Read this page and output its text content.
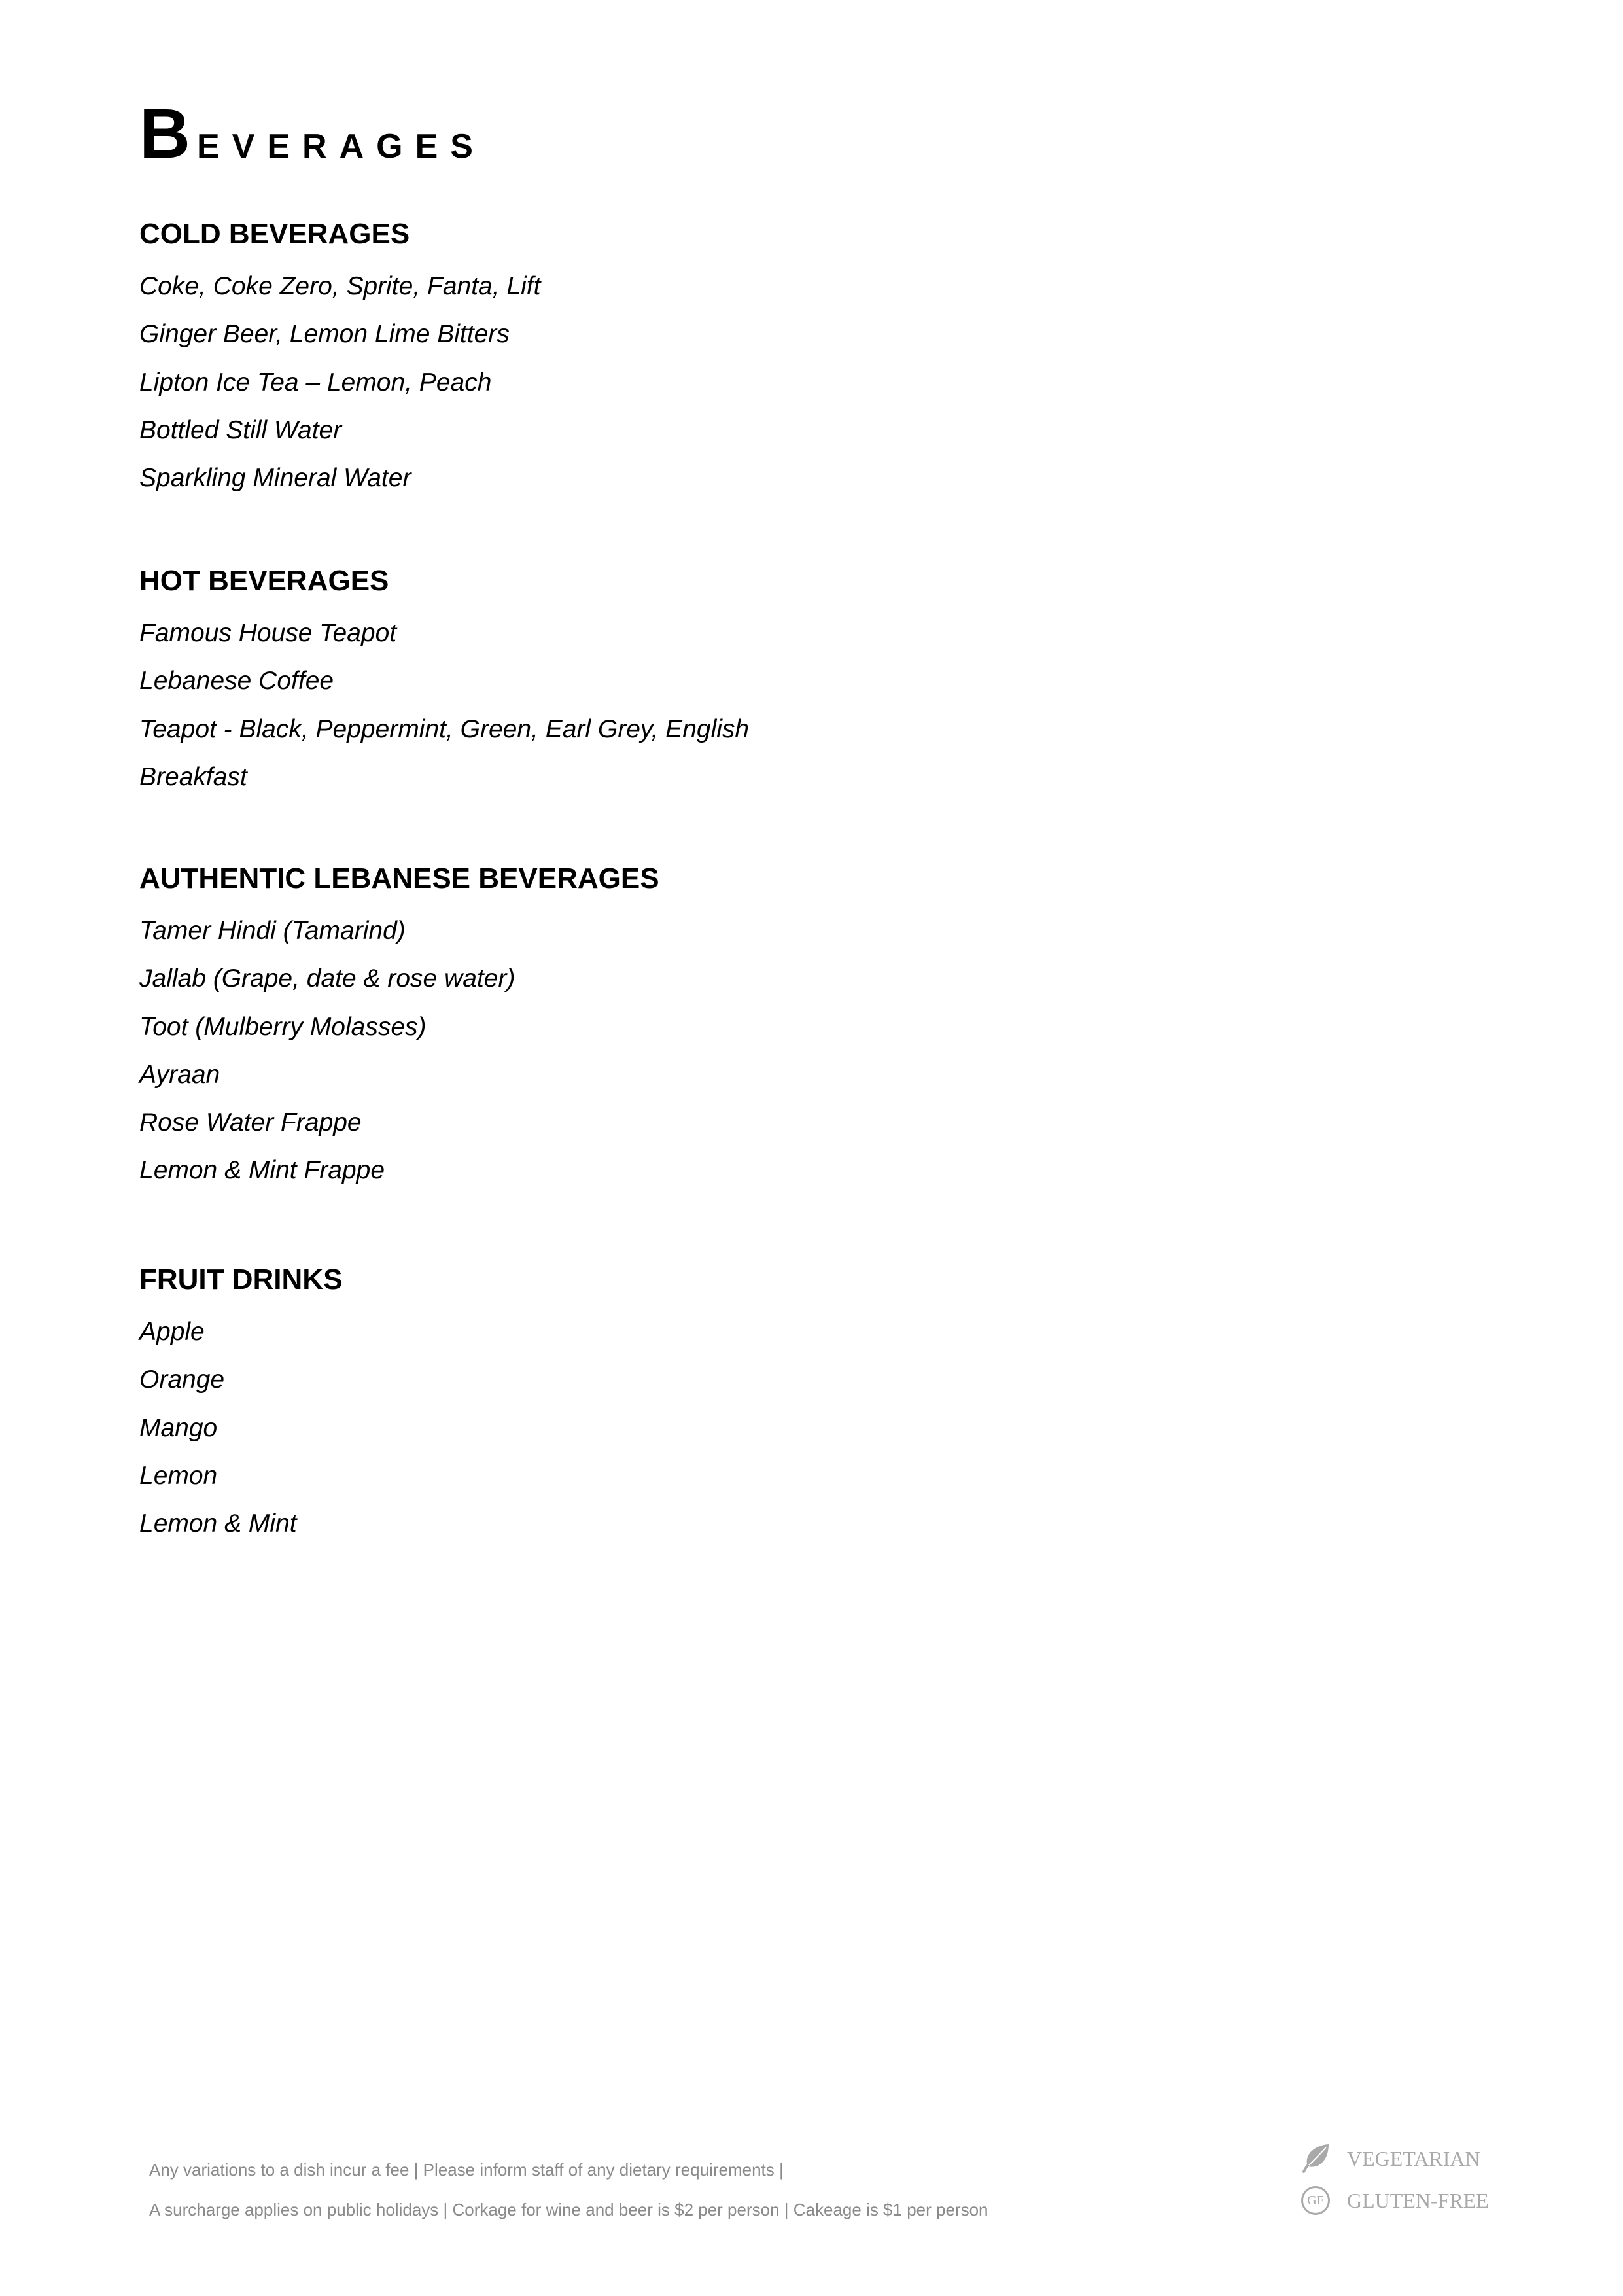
BEVERAGES
COLD BEVERAGES
Coke, Coke Zero, Sprite, Fanta, Lift
Ginger Beer, Lemon Lime Bitters
Lipton Ice Tea – Lemon, Peach
Bottled Still Water
Sparkling Mineral Water
HOT BEVERAGES
Famous House Teapot
Lebanese Coffee
Teapot - Black, Peppermint, Green, Earl Grey, English
Breakfast
AUTHENTIC LEBANESE BEVERAGES
Tamer Hindi (Tamarind)
Jallab (Grape, date & rose water)
Toot (Mulberry Molasses)
Ayraan
Rose Water Frappe
Lemon & Mint Frappe
FRUIT DRINKS
Apple
Orange
Mango
Lemon
Lemon & Mint

Any variations to a dish incur a fee | Please inform staff of any dietary requirements |

A surcharge applies on public holidays | Corkage for wine and beer is $2 per person | Cakeage is $1 per person

VEGETARIAN
GF GLUTEN-FREE
